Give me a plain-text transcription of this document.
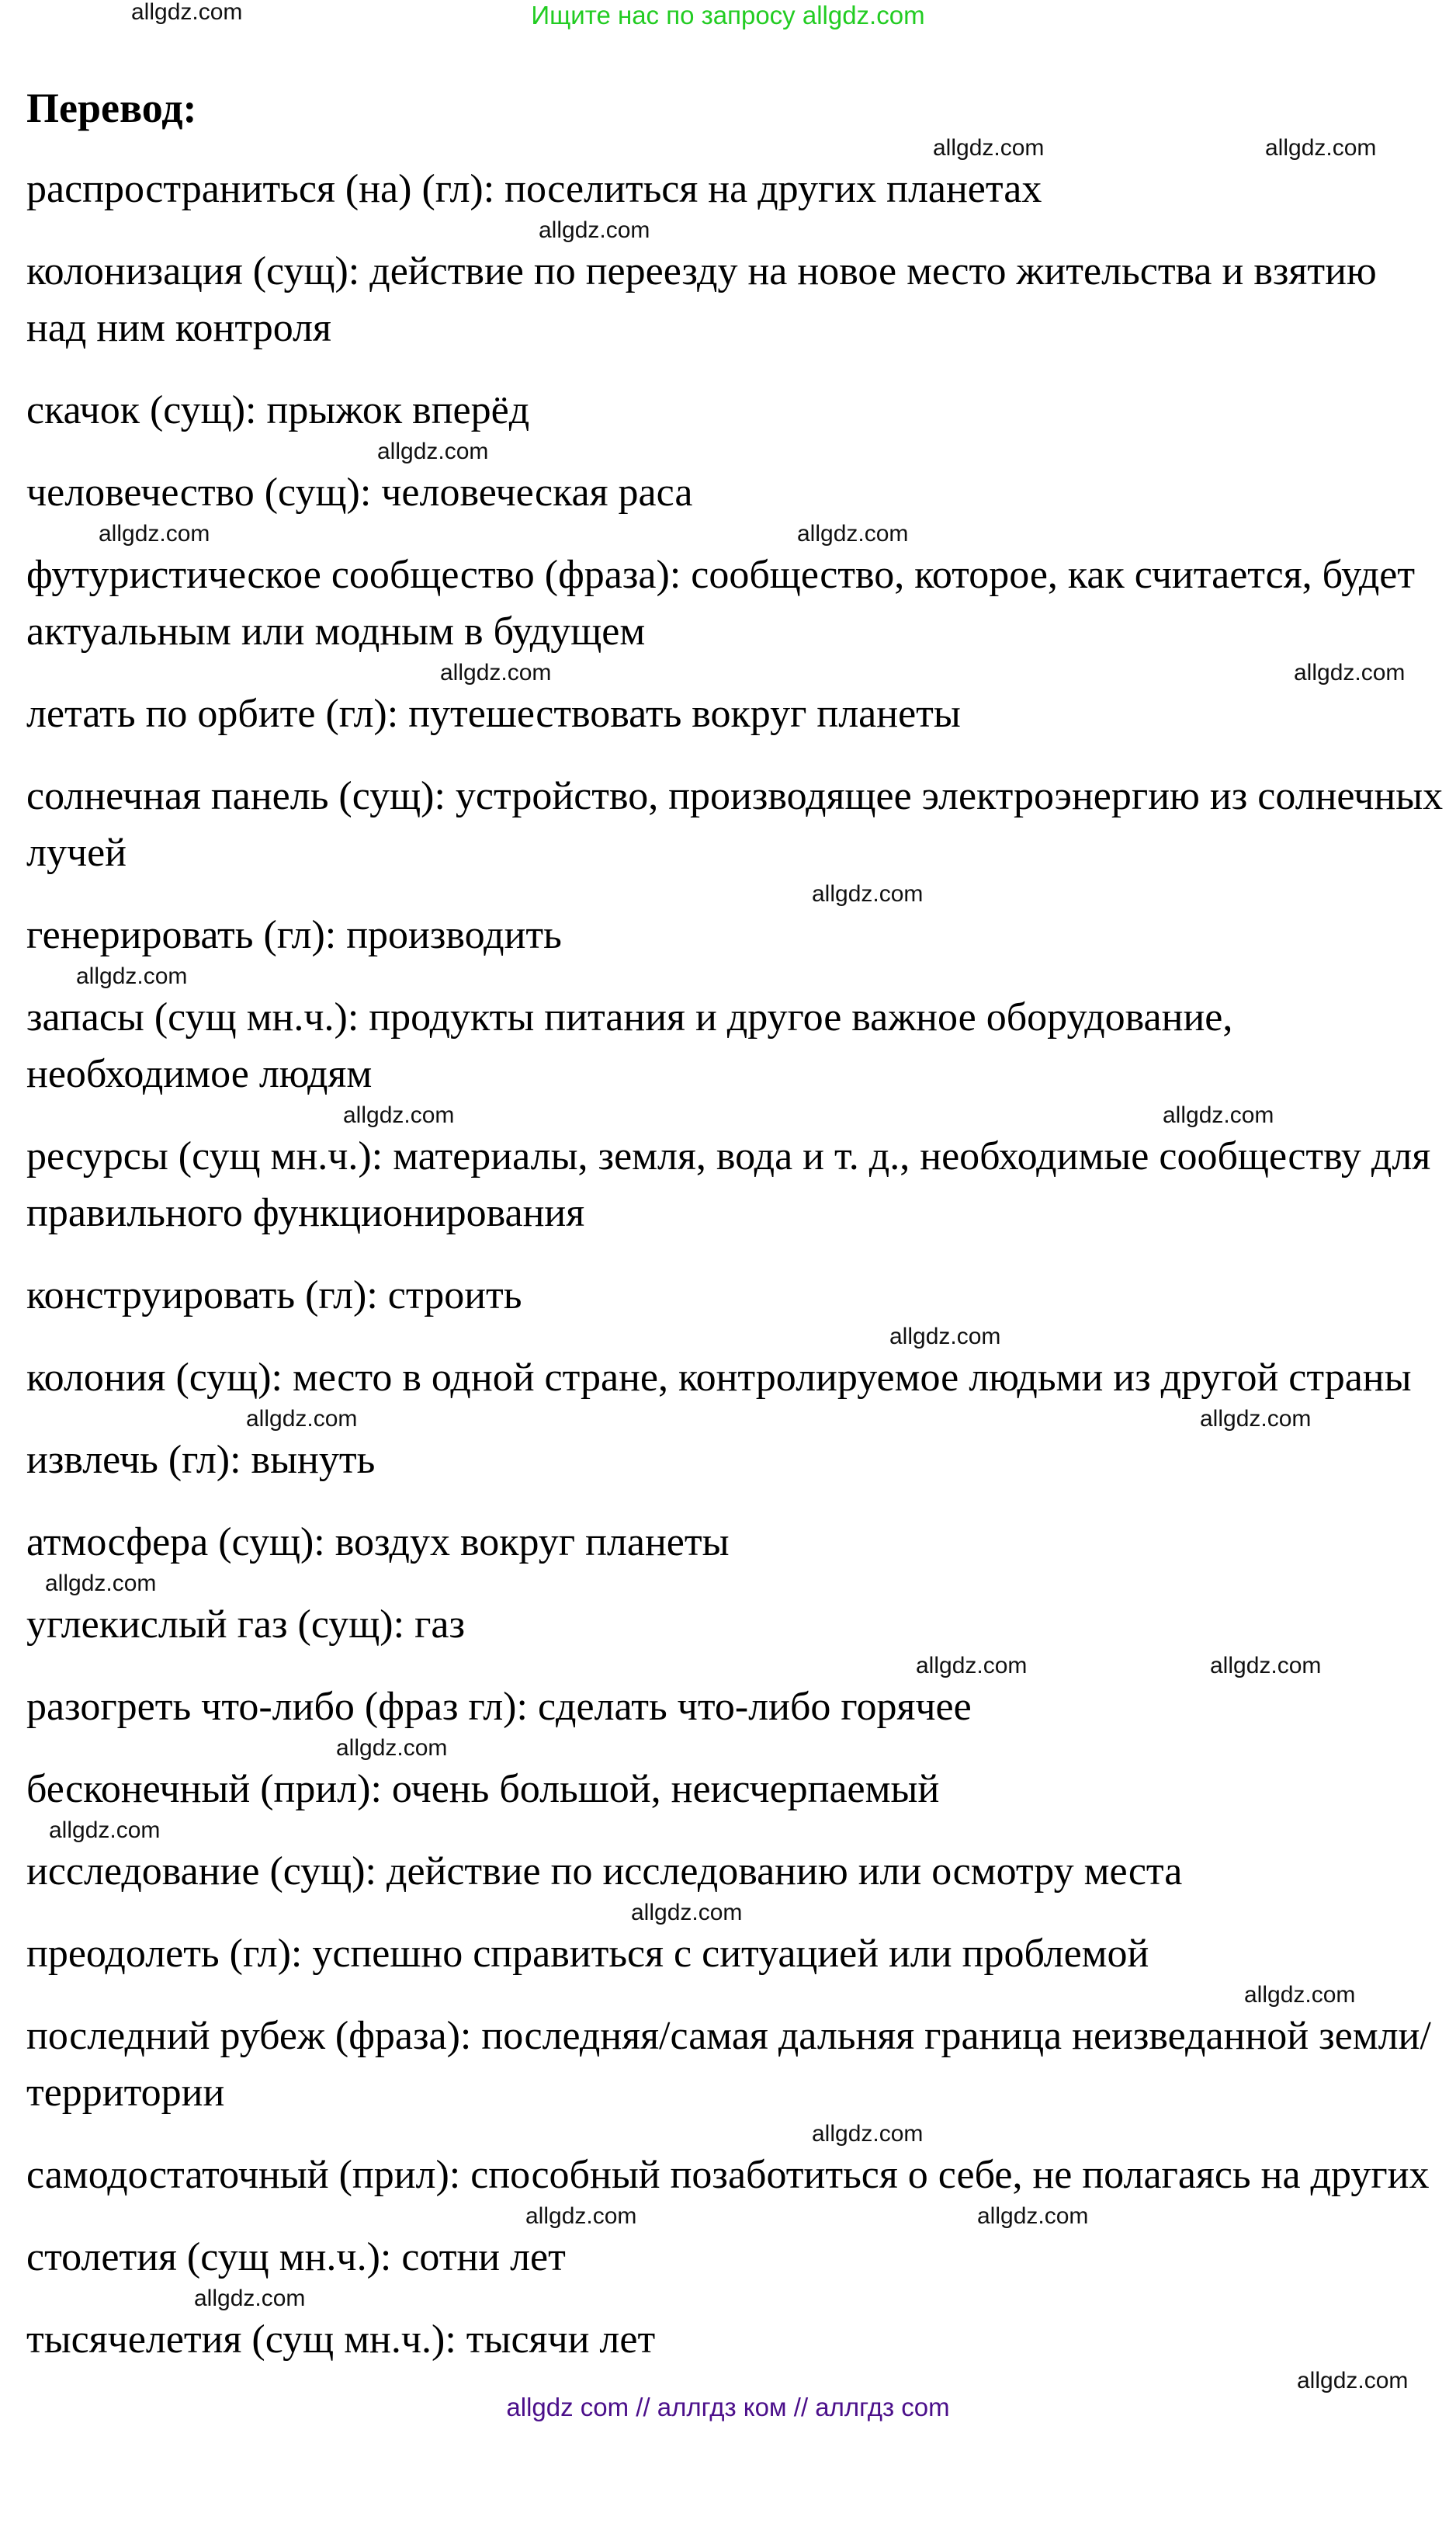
Ищите нас по запросу allgdz.com
allgdz.com
Перевод:
allgdz.com	allgdz.com
распространиться (на) (гл): поселиться на других планетах
allgdz.com
колонизация (сущ): действие по переезду на новое место жительства и взятию над ним контроля
скачок (сущ): прыжок вперёд
allgdz.com
человечество (сущ): человеческая раса
allgdz.com	allgdz.com
футуристическое сообщество (фраза): сообщество, которое, как считается, будет актуальным или модным в будущем
allgdz.com	allgdz.com
летать по орбите (гл): путешествовать вокруг планеты
солнечная панель (сущ): устройство, производящее электроэнергию из солнечных лучей
allgdz.com
генерировать (гл): производить
allgdz.com
запасы (сущ мн.ч.): продукты питания и другое важное оборудование, необходимое людям
allgdz.com	allgdz.com
ресурсы (сущ мн.ч.): материалы, земля, вода и т. д., необходимые сообществу для правильного функционирования
конструировать (гл): строить
allgdz.com
колония (сущ): место в одной стране, контролируемое людьми из другой страны
allgdz.com	allgdz.com
извлечь (гл): вынуть
атмосфера (сущ): воздух вокруг планеты
allgdz.com
углекислый газ (сущ): газ
allgdz.com	allgdz.com
разогреть что-либо (фраз гл): сделать что-либо горячее
allgdz.com
бесконечный (прил): очень большой, неисчерпаемый
allgdz.com
исследование (сущ): действие по исследованию или осмотру места
allgdz.com
преодолеть (гл): успешно справиться с ситуацией или проблемой
allgdz.com
последний рубеж (фраза): последняя/самая дальняя граница неизведанной земли/территории
allgdz.com
самодостаточный (прил): способный позаботиться о себе, не полагаясь на других
allgdz.com	allgdz.com
столетия (сущ мн.ч.): сотни лет
allgdz.com
тысячелетия (сущ мн.ч.): тысячи лет
allgdz.com
allgdz com // аллгдз ком // аллгдз com
